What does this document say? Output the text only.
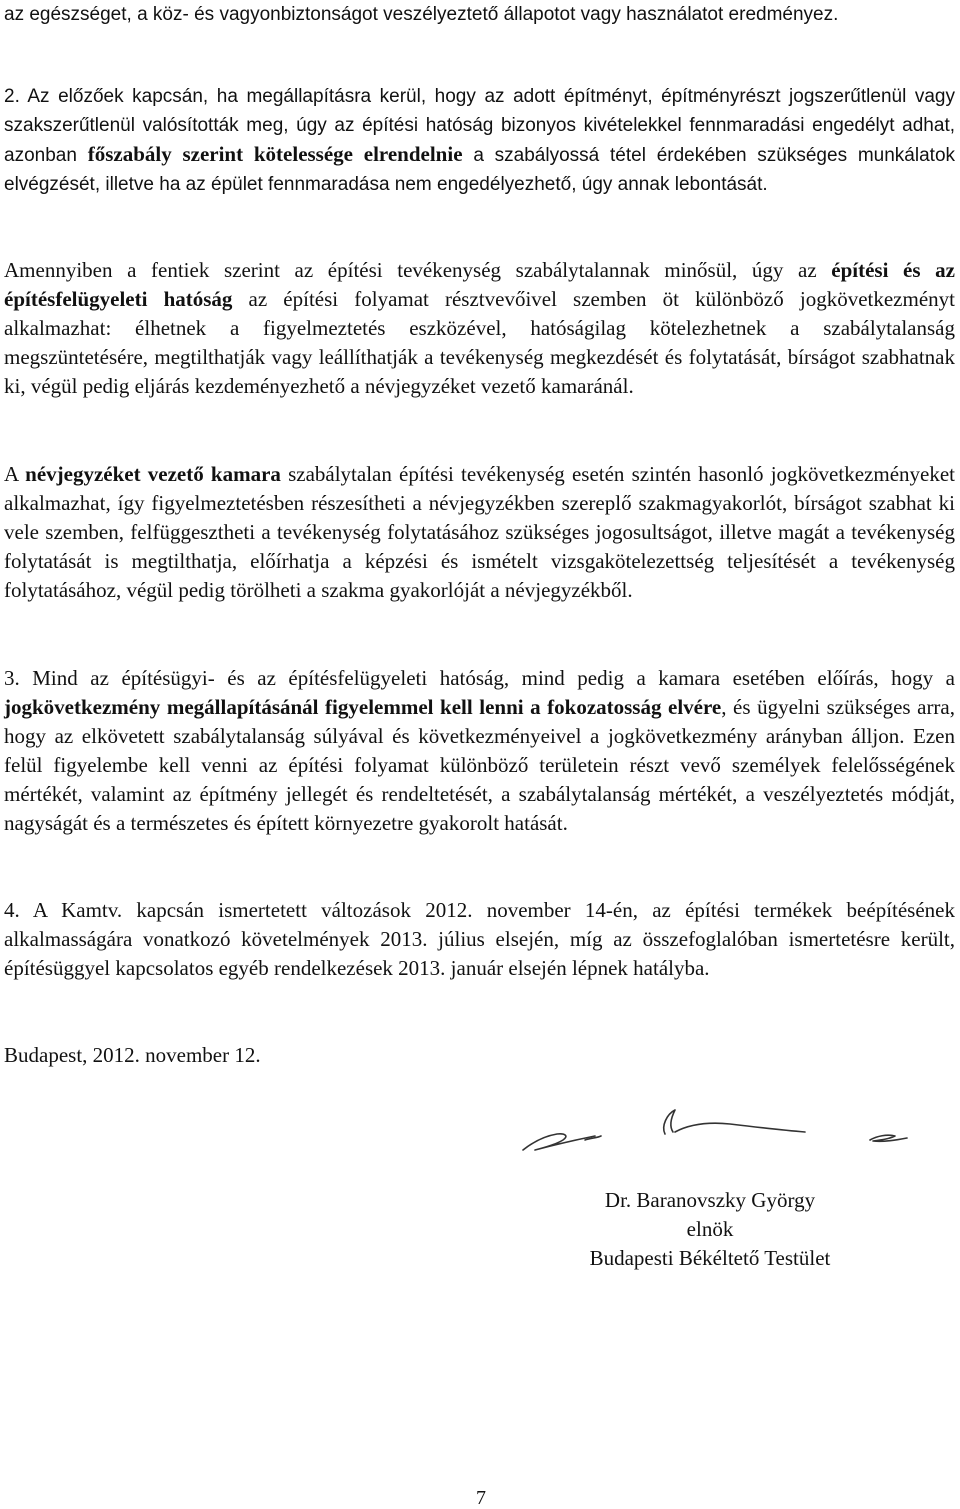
az egészséget, a köz- és vagyonbiztonságot veszélyeztető állapotot vagy használatot eredményez.

2. Az előzőek kapcsán, ha megállapításra kerül, hogy az adott építményt, építményrészt jogszerűtlenül vagy szakszerűtlenül valósították meg, úgy az építési hatóság bizonyos kivételekkel fennmaradási engedélyt adhat, azonban főszabály szerint kötelessége elrendelnie a szabályossá tétel érdekében szükséges munkálatok elvégzését, illetve ha az épület fennmaradása nem engedélyezhető, úgy annak lebontását.

Amennyiben a fentiek szerint az építési tevékenység szabálytalannak minősül, úgy az építési és az építésfelügyeleti hatóság az építési folyamat résztvevőivel szemben öt különböző jogkövetkezményt alkalmazhat: élhetnek a figyelmeztetés eszközével, hatóságilag kötelezhetnek a szabálytalanság megszüntetésére, megtilthatják vagy leállíthatják a tevékenység megkezdését és folytatását, bírságot szabhatnak ki, végül pedig eljárás kezdeményezhető a névjegyzéket vezető kamaránál.

A névjegyzéket vezető kamara szabálytalan építési tevékenység esetén szintén hasonló jogkövetkezményeket alkalmazhat, így figyelmeztetésben részesítheti a névjegyzékben szereplő szakmagyakorlót, bírságot szabhat ki vele szemben, felfüggesztheti a tevékenység folytatásához szükséges jogosultságot, illetve magát a tevékenység folytatását is megtilthatja, előírhatja a képzési és ismételt vizsgakötelezettség teljesítését a tevékenység folytatásához, végül pedig törölheti a szakma gyakorlóját a névjegyzékből.

3. Mind az építésügyi- és az építésfelügyeleti hatóság, mind pedig a kamara esetében előírás, hogy a jogkövetkezmény megállapításánál figyelemmel kell lenni a fokozatosság elvére, és ügyelni szükséges arra, hogy az elkövetett szabálytalanság súlyával és következményeivel a jogkövetkezmény arányban álljon. Ezen felül figyelembe kell venni az építési folyamat különböző területein részt vevő személyek felelősségének mértékét, valamint az építmény jellegét és rendeltetését, a szabálytalanság mértékét, a veszélyeztetés módját, nagyságát és a természetes és épített környezetre gyakorolt hatását.

4. A Kamtv. kapcsán ismertetett változások 2012. november 14-én, az építési termékek beépítésének alkalmasságára vonatkozó követelmények 2013. július elsején, míg az összefoglalóban ismertetésre került, építésüggyel kapcsolatos egyéb rendelkezések 2013. január elsején lépnek hatályba.

Budapest, 2012. november 12.

Dr. Baranovszky György
elnök
Budapesti Békéltető Testület
7
